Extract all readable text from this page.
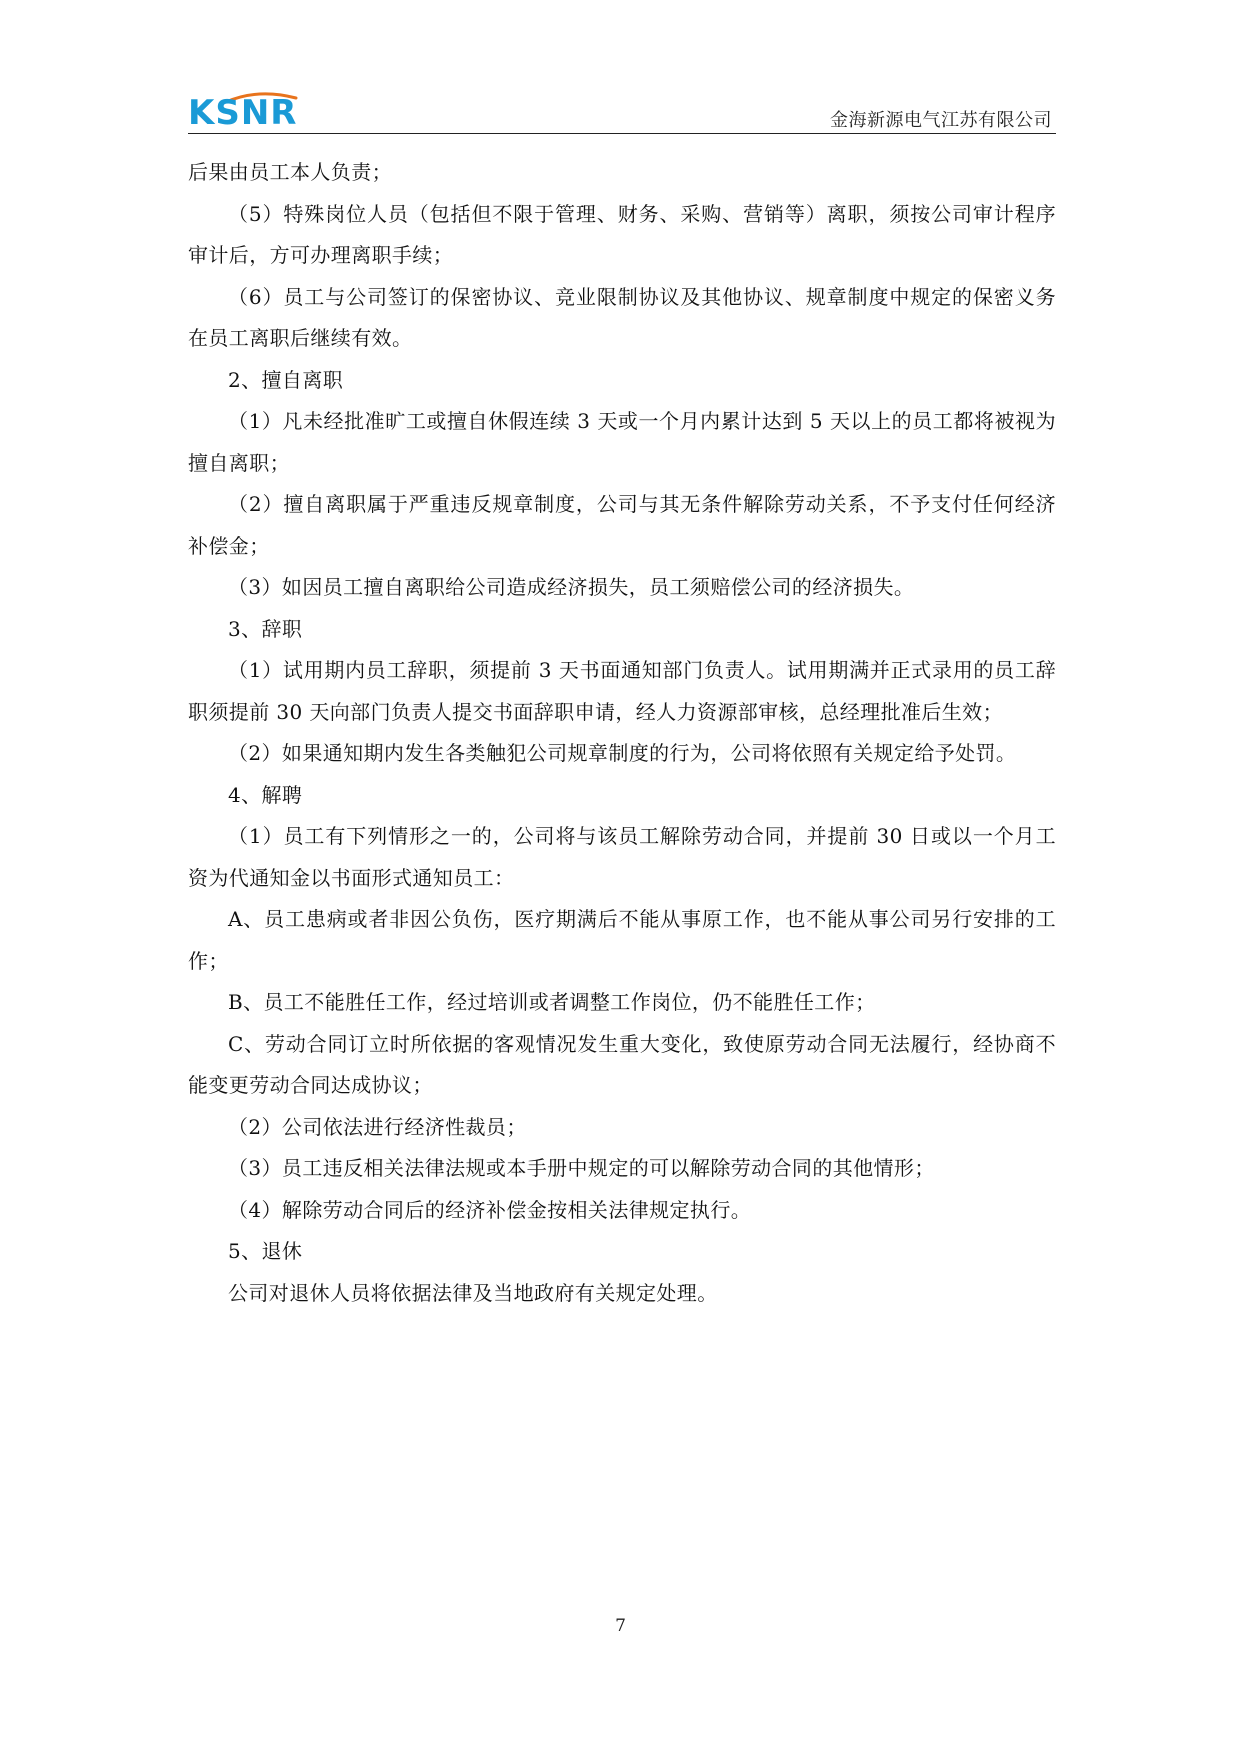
KSNR	金海新源电气江苏有限公司

后果由员工本人负责；

（5）特殊岗位人员（包括但不限于管理、财务、采购、营销等）离职，须按公司审计程序审计后，方可办理离职手续；

（6）员工与公司签订的保密协议、竞业限制协议及其他协议、规章制度中规定的保密义务在员工离职后继续有效。

2、擅自离职

（1）凡未经批准旷工或擅自休假连续 3 天或一个月内累计达到 5 天以上的员工都将被视为擅自离职；

（2）擅自离职属于严重违反规章制度，公司与其无条件解除劳动关系，不予支付任何经济补偿金；

（3）如因员工擅自离职给公司造成经济损失，员工须赔偿公司的经济损失。

3、辞职

（1）试用期内员工辞职，须提前 3 天书面通知部门负责人。试用期满并正式录用的员工辞职须提前 30 天向部门负责人提交书面辞职申请，经人力资源部审核，总经理批准后生效；

（2）如果通知期内发生各类触犯公司规章制度的行为，公司将依照有关规定给予处罚。

4、解聘

（1）员工有下列情形之一的，公司将与该员工解除劳动合同，并提前 30 日或以一个月工资为代通知金以书面形式通知员工：

A、员工患病或者非因公负伤，医疗期满后不能从事原工作，也不能从事公司另行安排的工作；

B、员工不能胜任工作，经过培训或者调整工作岗位，仍不能胜任工作；

C、劳动合同订立时所依据的客观情况发生重大变化，致使原劳动合同无法履行，经协商不能变更劳动合同达成协议；

（2）公司依法进行经济性裁员；

（3）员工违反相关法律法规或本手册中规定的可以解除劳动合同的其他情形；

（4）解除劳动合同后的经济补偿金按相关法律规定执行。

5、退休

公司对退休人员将依据法律及当地政府有关规定处理。

7
